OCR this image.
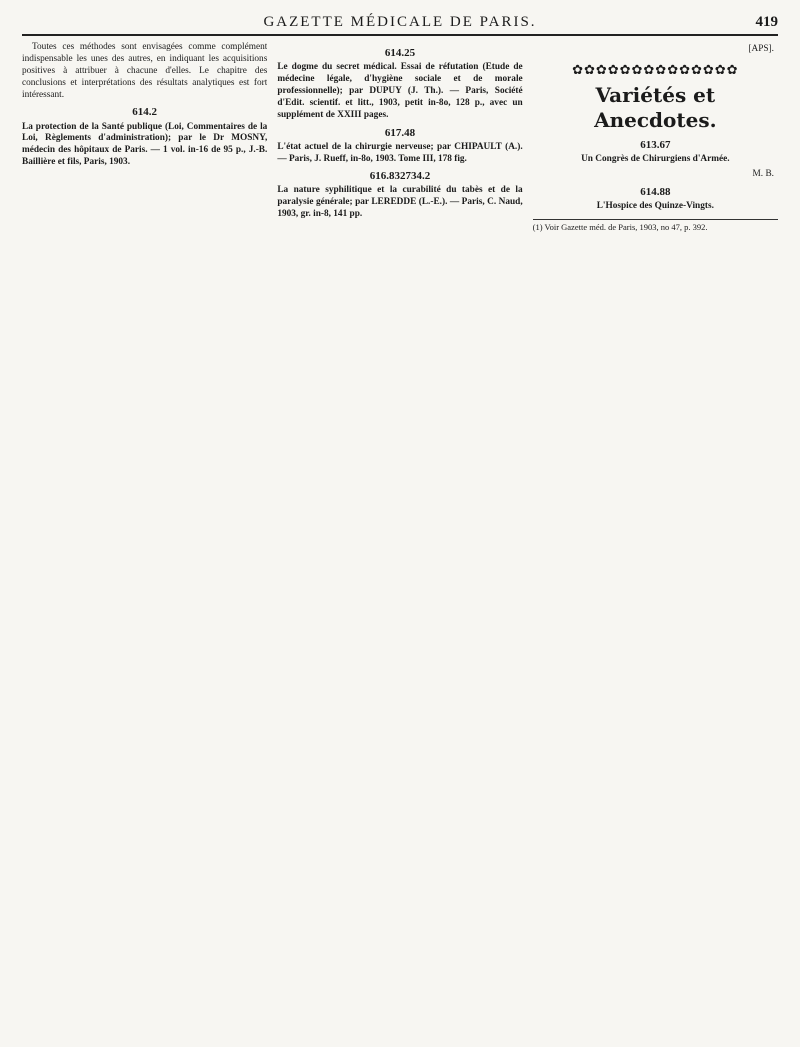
GAZETTE MÉDICALE DE PARIS.	419

Toutes ces méthodes sont envisagées comme complément indispensable les unes des autres, en indiquant les acquisitions positives à attribuer à chacune d'elles. Le chapitre des conclusions et interprétations des résultats analytiques est fort intéressant.

614.2
La protection de la Santé publique (Loi, Commentaires de la Loi, Règlements d'administration); par le Dr MOSNY, médecin des hôpitaux de Paris. — 1 vol. in-16 de 95 p., J.-B. Baillière et fils, Paris, 1903.
614.25
Le dogme du secret médical. Essai de réfutation (Etude de médecine légale, d'hygiène sociale et de morale professionnelle); par DUPUY (J. Th.). — Paris, Société d'Edit. scientif. et litt., 1903, petit in-8o, 128 p., avec un supplément de XXIII pages.
617.48
L'état actuel de la chirurgie nerveuse; par CHIPAULT (A.). — Paris, J. Rueff, in-8o, 1903. Tome III, 178 fig.
616.832734.2
La nature syphilitique et la curabilité du tabès et de la paralysie générale; par LEREDDE (L.-E.). — Paris, C. Naud, 1903, gr. in-8, 141 pp.
[APS].
✿✿✿✿✿✿✿✿✿✿✿✿✿✿
Variétés et Anecdotes.
613.67
Un Congrès de Chirurgiens d'Armée.
M. B.
614.88
L'Hospice des Quinze-Vingts.
(1) Voir Gazette méd. de Paris, 1903, no 47, p. 392.
